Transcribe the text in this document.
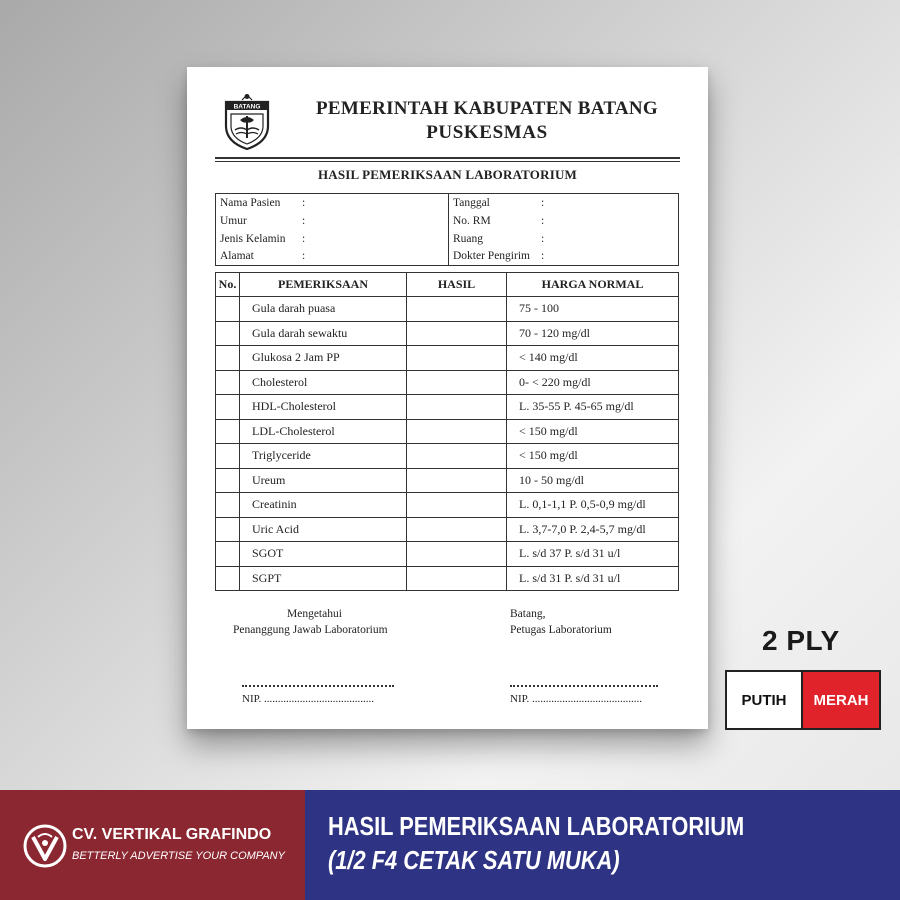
BATANG	PEMERINTAH KABUPATEN BATANG
PUSKESMAS
HASIL PEMERIKSAAN LABORATORIUM
Nama Pasien :	Tanggal :
Umur :	No. RM :
Jenis Kelamin :	Ruang :
Alamat :	Dokter Pengirim :
No.	PEMERIKSAAN	HASIL	HARGA NORMAL
	Gula darah puasa		75 - 100
	Gula darah sewaktu		70 - 120 mg/dl
	Glukosa 2 Jam PP		< 140 mg/dl
	Cholesterol		0- < 220 mg/dl
	HDL-Cholesterol		L. 35-55 P. 45-65 mg/dl
	LDL-Cholesterol		< 150 mg/dl
	Triglyceride		< 150 mg/dl
	Ureum		10 - 50 mg/dl
	Creatinin		L. 0,1-1,1 P. 0,5-0,9 mg/dl
	Uric Acid		L. 3,7-7,0 P. 2,4-5,7 mg/dl
	SGOT		L. s/d 37 P. s/d 31 u/l
	SGPT		L. s/d 31 P. s/d 31 u/l
Mengetahui
Penanggung Jawab Laboratorium
Batang,
Petugas Laboratorium
NIP. ........................................	NIP. ........................................
2 PLY
PUTIH	MERAH
CV. VERTIKAL GRAFINDO
BETTERLY ADVERTISE YOUR COMPANY
HASIL PEMERIKSAAN LABORATORIUM
(1/2 F4 CETAK SATU MUKA)
